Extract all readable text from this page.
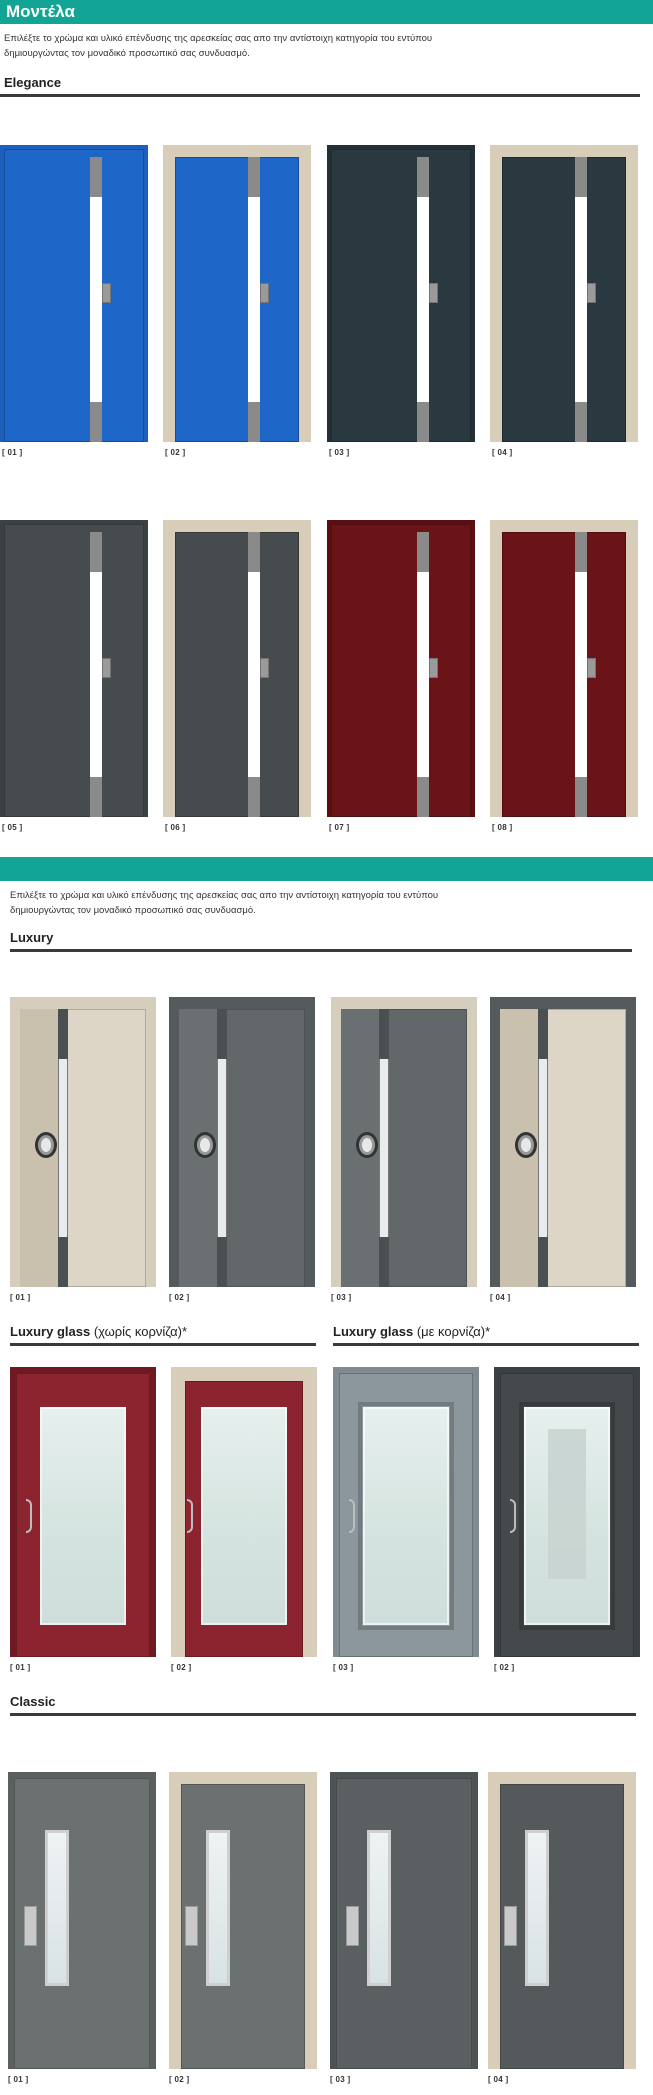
Μοντέλα
Επιλέξτε το χρώμα και υλικό επένδυσης της αρεσκείας σας απο την αντίστοιχη κατηγορία του εντύπου
δημιουργώντας τον μοναδικό προσωπικό σας συνδυασμό.
Elegance
[ 01 ]	[ 02 ]	[ 03 ]	[ 04 ]
[ 05 ]	[ 06 ]	[ 07 ]	[ 08 ]
Επιλέξτε το χρώμα και υλικό επένδυσης της αρεσκείας σας απο την αντίστοιχη κατηγορία του εντύπου
δημιουργώντας τον μοναδικό προσωπικό σας συνδυασμό.
Luxury
[ 01 ]	[ 02 ]	[ 03 ]	[ 04 ]
Luxury glass (χωρίς κορνίζα)*	Luxury glass (με κορνίζα)*
[ 01 ]	[ 02 ]	[ 03 ]	[ 02 ]
Classic
[ 01 ]	[ 02 ]	[ 03 ]	[ 04 ]
